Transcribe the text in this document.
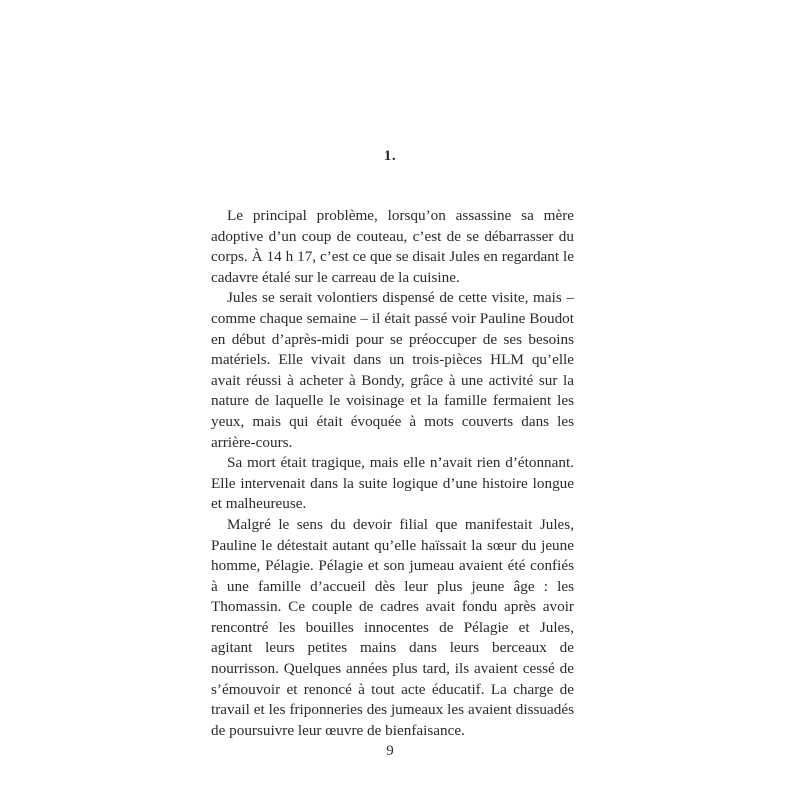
1.

Le principal problème, lorsqu’on assassine sa mère adoptive d’un coup de couteau, c’est de se débarrasser du corps. À 14 h 17, c’est ce que se disait Jules en regardant le cadavre étalé sur le carreau de la cuisine.

Jules se serait volontiers dispensé de cette visite, mais – comme chaque semaine – il était passé voir Pauline Boudot en début d’après-midi pour se préoccuper de ses besoins matériels. Elle vivait dans un trois-pièces HLM qu’elle avait réussi à acheter à Bondy, grâce à une activité sur la nature de laquelle le voisinage et la famille fermaient les yeux, mais qui était évoquée à mots couverts dans les arrière-cours.

Sa mort était tragique, mais elle n’avait rien d’étonnant. Elle intervenait dans la suite logique d’une histoire longue et malheureuse.

Malgré le sens du devoir filial que manifestait Jules, Pauline le détestait autant qu’elle haïssait la sœur du jeune homme, Pélagie. Pélagie et son jumeau avaient été confiés à une famille d’accueil dès leur plus jeune âge : les Thomassin. Ce couple de cadres avait fondu après avoir rencontré les bouilles innocentes de Pélagie et Jules, agitant leurs petites mains dans leurs berceaux de nourrisson. Quelques années plus tard, ils avaient cessé de s’émouvoir et renoncé à tout acte éducatif. La charge de travail et les friponneries des jumeaux les avaient dissuadés de poursuivre leur œuvre de bienfaisance.

9
